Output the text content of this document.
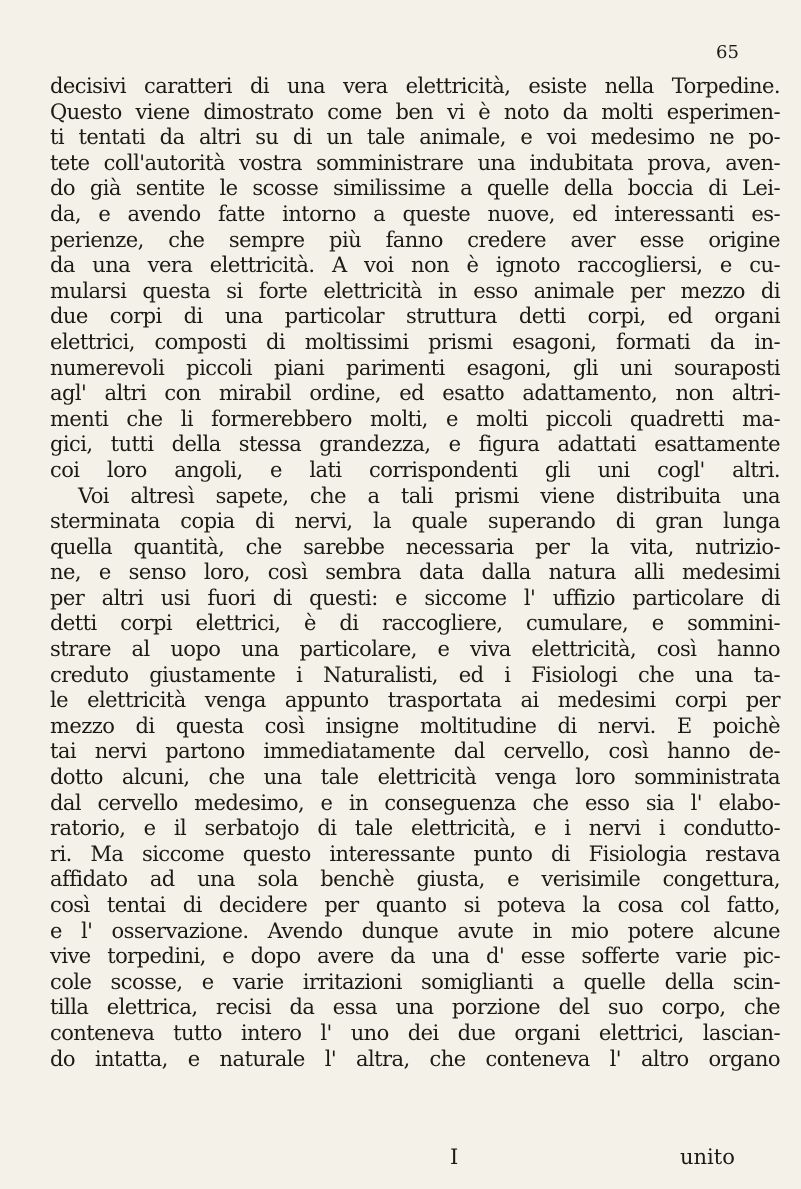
65
decisivi caratteri di una vera elettricità, esiste nella Torpedine.
Questo viene dimostrato come ben vi è noto da molti esperimen-
ti tentati da altri su di un tale animale, e voi medesimo ne po-
tete coll'autorità vostra somministrare una indubitata prova, aven-
do già sentite le scosse similissime a quelle della boccia di Lei-
da, e avendo fatte intorno a queste nuove, ed interessanti es-
perienze, che sempre più fanno credere aver esse origine
da una vera elettricità. A voi non è ignoto raccogliersi, e cu-
mularsi questa si forte elettricità in esso animale per mezzo di
due corpi di una particolar struttura detti corpi, ed organi
elettrici, composti di moltissimi prismi esagoni, formati da in-
numerevoli piccoli piani parimenti esagoni, gli uni souraposti
agl' altri con mirabil ordine, ed esatto adattamento, non altri-
menti che li formerebbero molti, e molti piccoli quadretti ma-
gici, tutti della stessa grandezza, e figura adattati esattamente
coi loro angoli, e lati corrispondenti gli uni cogl' altri.
Voi altresì sapete, che a tali prismi viene distribuita una
sterminata copia di nervi, la quale superando di gran lunga
quella quantità, che sarebbe necessaria per la vita, nutrizio-
ne, e senso loro, così sembra data dalla natura alli medesimi
per altri usi fuori di questi: e siccome l' uffizio particolare di
detti corpi elettrici, è di raccogliere, cumulare, e sommini-
strare al uopo una particolare, e viva elettricità, così hanno
creduto giustamente i Naturalisti, ed i Fisiologi che una ta-
le elettricità venga appunto trasportata ai medesimi corpi per
mezzo di questa così insigne moltitudine di nervi. E poichè
tai nervi partono immediatamente dal cervello, così hanno de-
dotto alcuni, che una tale elettricità venga loro somministrata
dal cervello medesimo, e in conseguenza che esso sia l' elabo-
ratorio, e il serbatojo di tale elettricità, e i nervi i condutto-
ri. Ma siccome questo interessante punto di Fisiologia restava
affidato ad una sola benchè giusta, e verisimile congettura,
così tentai di decidere per quanto si poteva la cosa col fatto,
e l' osservazione. Avendo dunque avute in mio potere alcune
vive torpedini, e dopo avere da una d' esse sofferte varie pic-
cole scosse, e varie irritazioni somiglianti a quelle della scin-
tilla elettrica, recisi da essa una porzione del suo corpo, che
conteneva tutto intero l' uno dei due organi elettrici, lascian-
do intatta, e naturale l' altra, che conteneva l' altro organo
I	unito
